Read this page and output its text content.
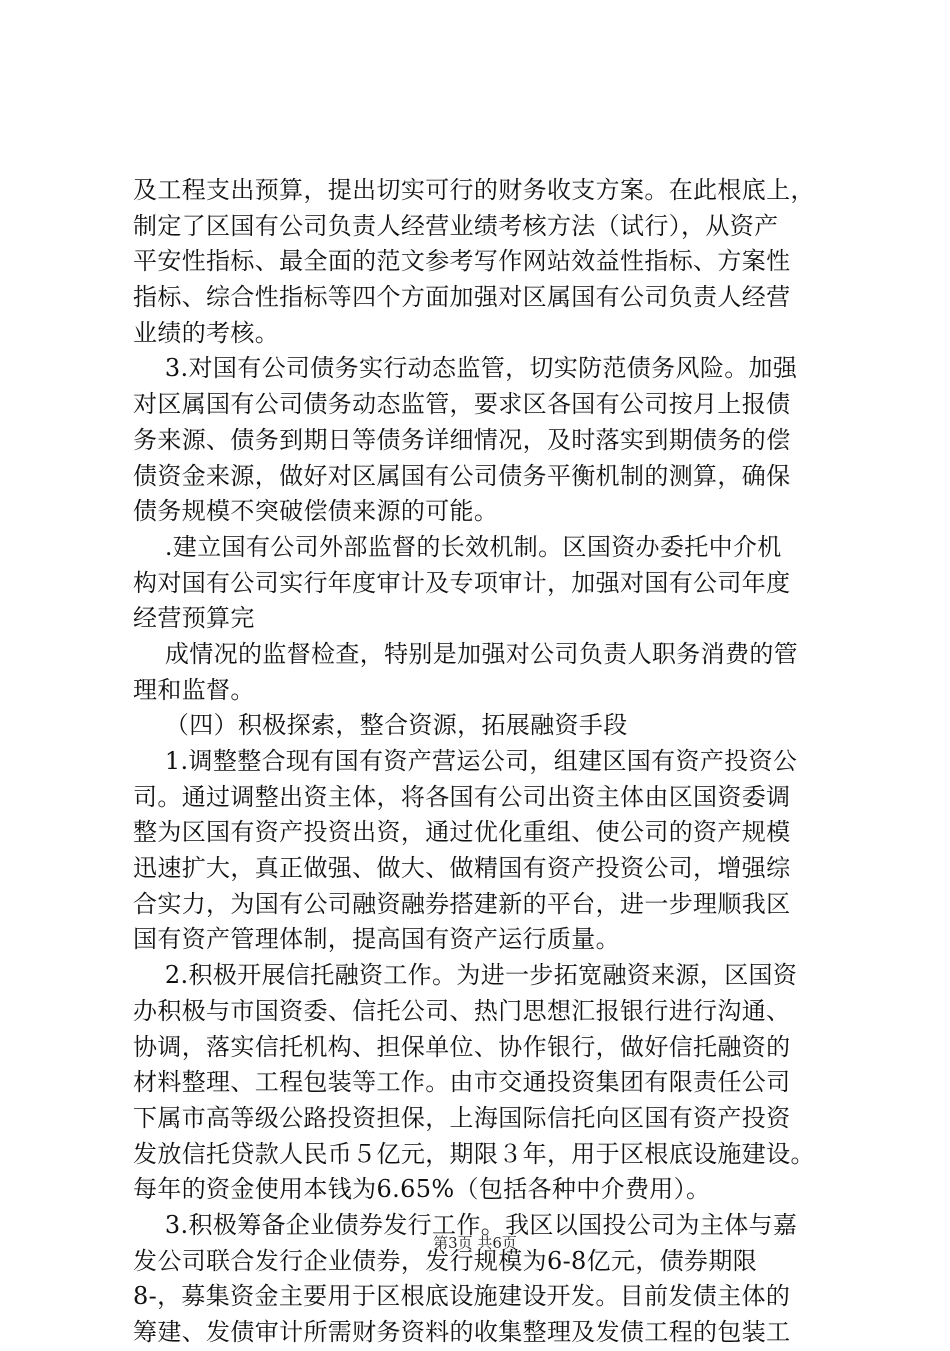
及工程支出预算，提出切实可行的财务收支方案。在此根底上，
制定了区国有公司负责人经营业绩考核方法（试行），从资产
平安性指标、最全面的范文参考写作网站效益性指标、方案性
指标、综合性指标等四个方面加强对区属国有公司负责人经营
业绩的考核。
3.对国有公司债务实行动态监管，切实防范债务风险。加强
对区属国有公司债务动态监管，要求区各国有公司按月上报债
务来源、债务到期日等债务详细情况，及时落实到期债务的偿
债资金来源，做好对区属国有公司债务平衡机制的测算，确保
债务规模不突破偿债来源的可能。
.建立国有公司外部监督的长效机制。区国资办委托中介机
构对国有公司实行年度审计及专项审计，加强对国有公司年度
经营预算完
成情况的监督检查，特别是加强对公司负责人职务消费的管
理和监督。
（四）积极探索，整合资源，拓展融资手段
1.调整整合现有国有资产营运公司，组建区国有资产投资公
司。通过调整出资主体，将各国有公司出资主体由区国资委调
整为区国有资产投资出资，通过优化重组、使公司的资产规模
迅速扩大，真正做强、做大、做精国有资产投资公司，增强综
合实力，为国有公司融资融券搭建新的平台，进一步理顺我区
国有资产管理体制，提高国有资产运行质量。
2.积极开展信托融资工作。为进一步拓宽融资来源，区国资
办积极与市国资委、信托公司、热门思想汇报银行进行沟通、
协调，落实信托机构、担保单位、协作银行，做好信托融资的
材料整理、工程包装等工作。由市交通投资集团有限责任公司
下属市高等级公路投资担保，上海国际信托向区国有资产投资
发放信托贷款人民币５亿元，期限３年，用于区根底设施建设。
每年的资金使用本钱为6.65%（包括各种中介费用）。
3.积极筹备企业债券发行工作。我区以国投公司为主体与嘉
发公司联合发行企业债券，发行规模为6-8亿元，债券期限
8-，募集资金主要用于区根底设施建设开发。目前发债主体的
筹建、发债审计所需财务资料的收集整理及发债工程的包装工
第3页 共6页
